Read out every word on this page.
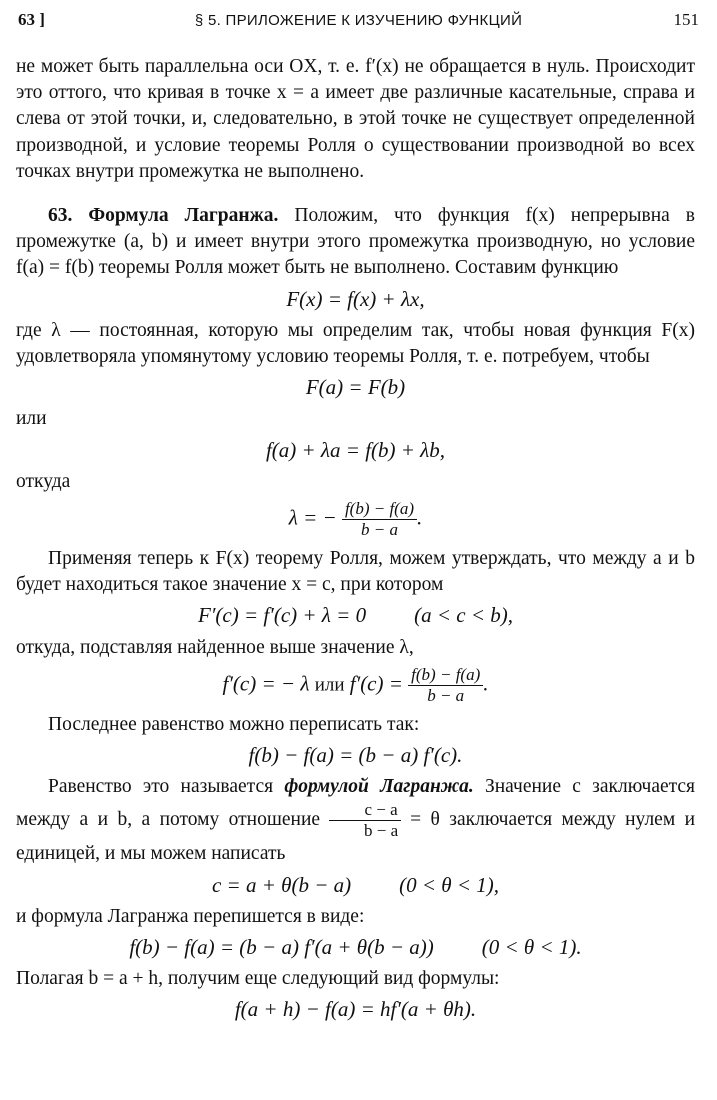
63 ]	§ 5. ПРИЛОЖЕНИЕ К ИЗУЧЕНИЮ ФУНКЦИЙ	151

не может быть параллельна оси OX, т. е. f′(x) не обращается в нуль. Происходит это оттого, что кривая в точке x = a имеет две различные касательные, справа и слева от этой точки, и, следовательно, в этой точке не существует определенной производной, и условие теоремы Ролля о существовании производной во всех точках внутри промежутка не выполнено.

63. Формула Лагранжа. Положим, что функция f(x) непрерывна в промежутке (a, b) и имеет внутри этого промежутка производную, но условие f(a) = f(b) теоремы Ролля может быть не выполнено. Составим функцию

F(x) = f(x) + λx,

где λ — постоянная, которую мы определим так, чтобы новая функция F(x) удовлетворяла упомянутому условию теоремы Ролля, т. е. потребуем, чтобы

F(a) = F(b)

или

f(a) + λa = f(b) + λb,

откуда

λ = − $\frac{f(b) - f(a)}{b - a}$ .

Применяя теперь к F(x) теорему Ролля, можем утверждать, что между a и b будет находиться такое значение x = c, при котором

F′(c) = f′(c) + λ = 0 (a < c < b),

откуда, подставляя найденное выше значение λ,

f′(c) = − λ или $f'(c) = \frac{f(b) - f(a)}{b - a}$ .

Последнее равенство можно переписать так:

f(b) − f(a) = (b − a) f′(c).

Равенство это называется формулой Лагранжа. Значение c заключается между a и b, а потому отношение $\frac{c - a}{b - a} = \theta$ заключается между нулем и единицей, и мы можем написать

c = a + θ(b − a) (0 < θ < 1),

и формула Лагранжа перепишется в виде:

f(b) − f(a) = (b − a) f′(a + θ(b − a)) (0 < θ < 1).

Полагая b = a + h, получим еще следующий вид формулы:

f(a + h) − f(a) = hf′(a + θh).
